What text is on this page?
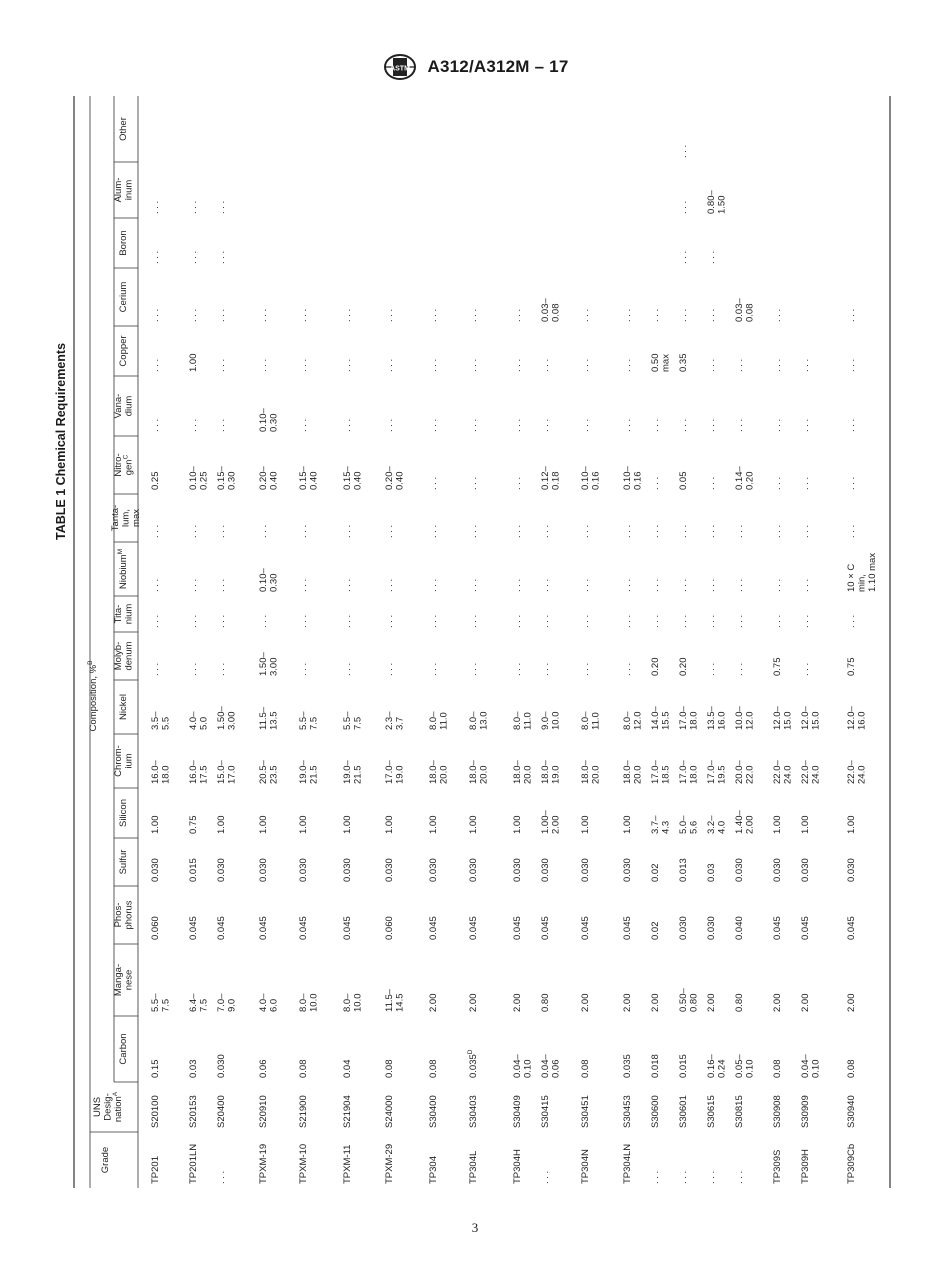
ASTM A312/A312M – 17
TABLE 1 Chemical Requirements
Composition, %$^B$
Grade
UNSDesig-nation$^A$
Carbon
Manga-nese
Phos-phorus
Sulfur
Silicon
Chrom-ium
Nickel
Molyb-denum
Tita-nium
Niobium$^M$
Tanta-lum,max
Nitro-gen$^C$
Vana-dium
Copper
Cerium
Boron
Alum-inum
Other
TP201
S20100
0.15
5.5–7.5
0.060
0.030
1.00
16.0–18.0
3.5–5.5
. . .
. . .
. . .
. . .
0.25
. . .
. . .
. . .
. . .
. . .
TP201LN
S20153
0.03
6.4–7.5
0.045
0.015
0.75
16.0–17.5
4.0–5.0
. . .
. . .
. . .
. . .
0.10–0.25
. . .
1.00
. . .
. . .
. . .
. . .
S20400
0.030
7.0–9.0
0.045
0.030
1.00
15.0–17.0
1.50–3.00
. . .
. . .
. . .
. . .
0.15–0.30
. . .
. . .
. . .
. . .
. . .
TPXM-19
S20910
0.06
4.0–6.0
0.045
0.030
1.00
20.5–23.5
11.5–13.5
1.50–3.00
. . .
0.10–0.30
. . .
0.20–0.40
0.10–0.30
. . .
. . .
TPXM-10
S21900
0.08
8.0–10.0
0.045
0.030
1.00
19.0–21.5
5.5–7.5
. . .
. . .
. . .
. . .
0.15–0.40
. . .
. . .
. . .
TPXM-11
S21904
0.04
8.0–10.0
0.045
0.030
1.00
19.0–21.5
5.5–7.5
. . .
. . .
. . .
. . .
0.15–0.40
. . .
. . .
. . .
TPXM-29
S24000
0.08
11.5–14.5
0.060
0.030
1.00
17.0–19.0
2.3–3.7
. . .
. . .
. . .
. . .
0.20–0.40
. . .
. . .
. . .
TP304
S30400
0.08
2.00
0.045
0.030
1.00
18.0–20.0
8.0–11.0
. . .
. . .
. . .
. . .
. . .
. . .
. . .
. . .
TP304L
S30403
$0.035^D$
2.00
0.045
0.030
1.00
18.0–20.0
8.0–13.0
. . .
. . .
. . .
. . .
. . .
. . .
. . .
. . .
TP304H
S30409
0.04–0.10
2.00
0.045
0.030
1.00
18.0–20.0
8.0–11.0
. . .
. . .
. . .
. . .
. . .
. . .
. . .
. . .
. . .
S30415
0.04–0.06
0.80
0.045
0.030
1.00–2.00
18.0–19.0
9.0–10.0
. . .
. . .
. . .
. . .
0.12–0.18
. . .
. . .
0.03–0.08
TP304N
S30451
0.08
2.00
0.045
0.030
1.00
18.0–20.0
8.0–11.0
. . .
. . .
. . .
. . .
0.10–0.16
. . .
. . .
. . .
TP304LN
S30453
0.035
2.00
0.045
0.030
1.00
18.0–20.0
8.0–12.0
. . .
. . .
. . .
. . .
0.10–0.16
. . .
. . .
. . .
. . .
S30600
0.018
2.00
0.02
0.02
3.7–4.3
17.0–18.5
14.0–15.5
0.20
. . .
. . .
. . .
. . .
. . .
0.50max
. . .
. . .
S30601
0.015
0.50–0.80
0.030
0.013
5.0–5.6
17.0–18.0
17.0–18.0
0.20
. . .
. . .
. . .
0.05
. . .
0.35
. . .
. . .
. . .
. . .
. . .
S30615
0.16–0.24
2.00
0.030
0.03
3.2–4.0
17.0–19.5
13.5–16.0
. . .
. . .
. . .
. . .
. . .
. . .
. . .
. . .
. . .
0.80–1.50
. . .
S30815
0.05–0.10
0.80
0.040
0.030
1.40–2.00
20.0–22.0
10.0–12.0
. . .
. . .
. . .
. . .
0.14–0.20
. . .
. . .
0.03–0.08
TP309S
S30908
0.08
2.00
0.045
0.030
1.00
22.0–24.0
12.0–15.0
0.75
. . .
. . .
. . .
. . .
. . .
. . .
. . .
TP309H
S30909
0.04–0.10
2.00
0.045
0.030
1.00
22.0–24.0
12.0–15.0
. . .
. . .
. . .
. . .
. . .
. . .
. . .
TP309Cb
S30940
0.08
2.00
0.045
0.030
1.00
22.0–24.0
12.0–16.0
0.75
. . .
10 × Cmin,1.10 max
. . .
. . .
. . .
. . .
. . .
3
